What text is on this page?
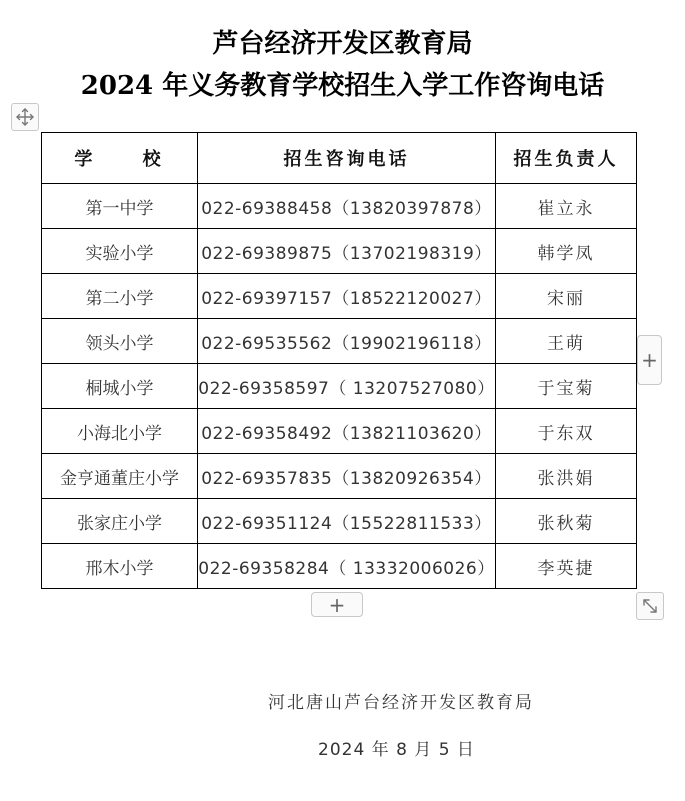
芦台经济开发区教育局
2024 年义务教育学校招生入学工作咨询电话
学 校	招生咨询电话	招生负责人
第一中学	022-69388458（13820397878）	崔立永
实验小学	022-69389875（13702198319）	韩学凤
第二小学	022-69397157（18522120027）	宋丽
领头小学	022-69535562（19902196118）	王萌
桐城小学	022-69358597（ 13207527080）	于宝菊
小海北小学	022-69358492（13821103620）	于东双
金亨通董庄小学	022-69357835（13820926354）	张洪娟
张家庄小学	022-69351124（15522811533）	张秋菊
邢木小学	022-69358284（ 13332006026）	李英捷
+
+
河北唐山芦台经济开发区教育局
2024 年 8 月 5 日
